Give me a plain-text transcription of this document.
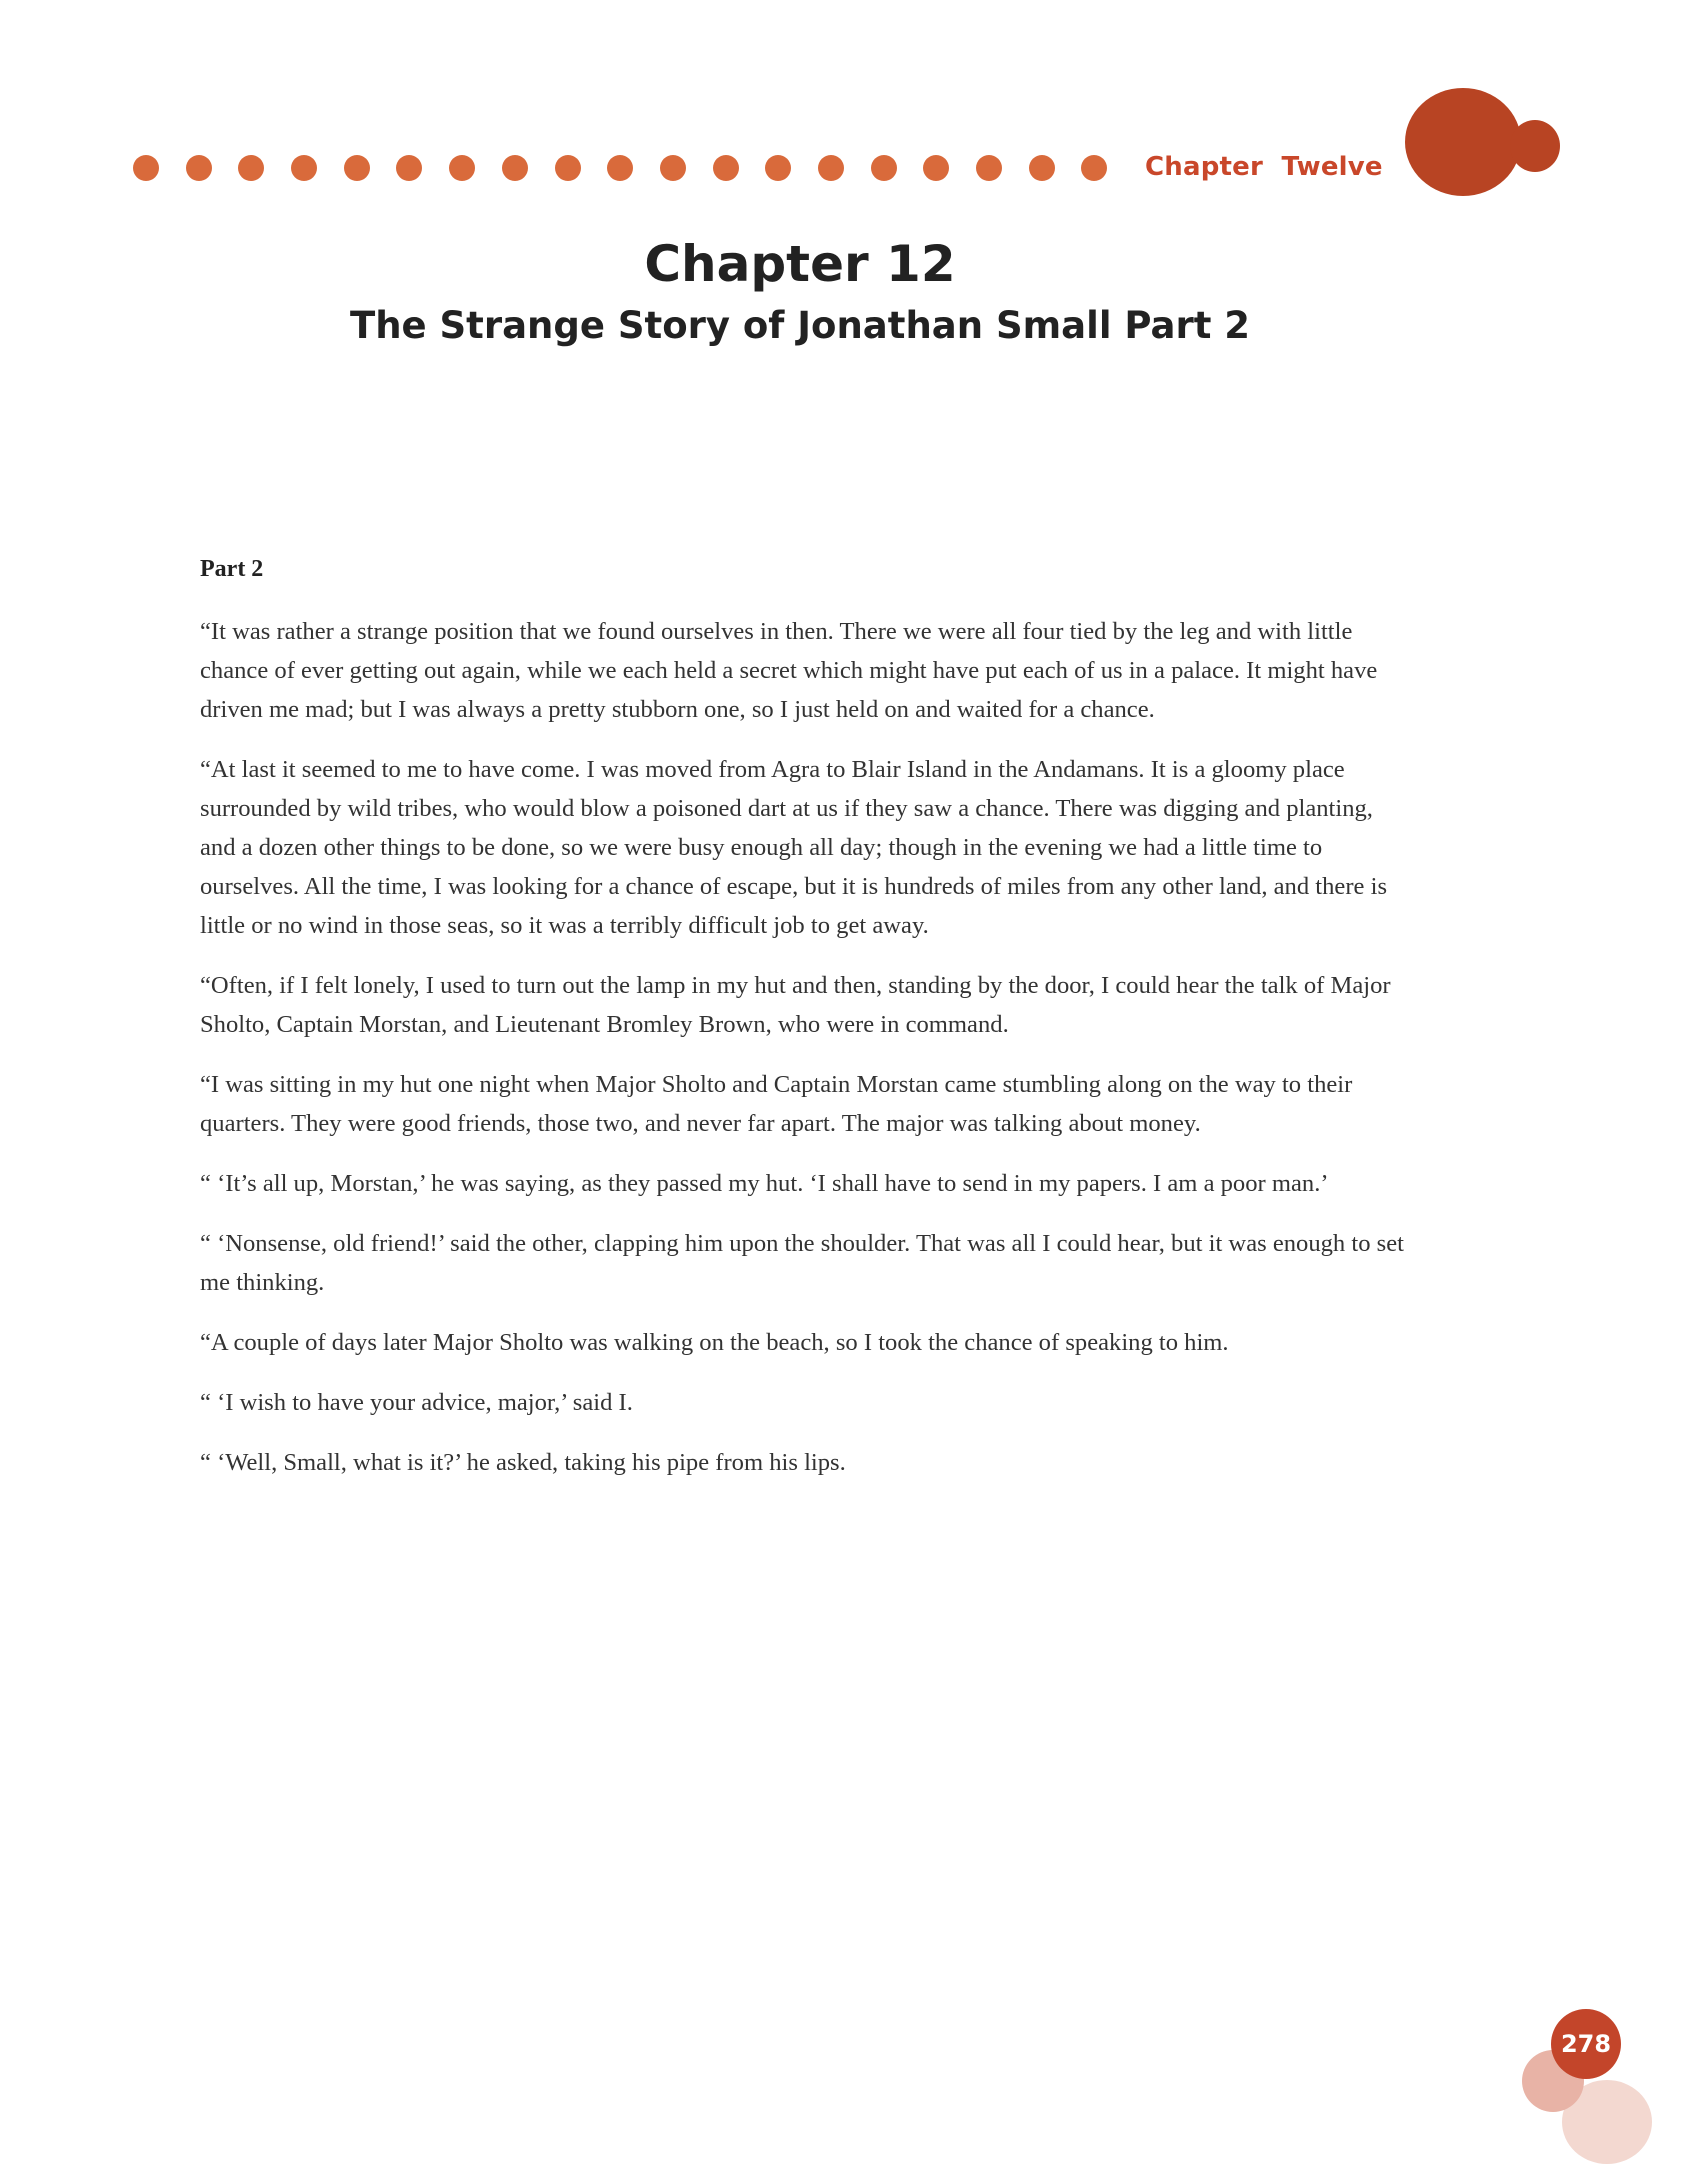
Chapter  Twelve
Chapter 12
The Strange Story of Jonathan Small Part 2
Part 2

“It was rather a strange position that we found ourselves in then. There we were all four tied by the leg and with little chance of ever getting out again, while we each held a secret which might have put each of us in a palace. It might have driven me mad; but I was always a pretty stubborn one, so I just held on and waited for a chance.

“At last it seemed to me to have come. I was moved from Agra to Blair Island in the Andamans. It is a gloomy place surrounded by wild tribes, who would blow a poisoned dart at us if they saw a chance. There was digging and planting, and a dozen other things to be done, so we were busy enough all day; though in the evening we had a little time to ourselves. All the time, I was looking for a chance of escape, but it is hundreds of miles from any other land, and there is little or no wind in those seas, so it was a terribly difficult job to get away.

“Often, if I felt lonely, I used to turn out the lamp in my hut and then, standing by the door, I could hear the talk of Major Sholto, Captain Morstan, and Lieutenant Bromley Brown, who were in command.

“I was sitting in my hut one night when Major Sholto and Captain Morstan came stumbling along on the way to their quarters. They were good friends, those two, and never far apart. The major was talking about money.

“ ‘It’s all up, Morstan,’ he was saying, as they passed my hut. ‘I shall have to send in my papers. I am a poor man.’

“ ‘Nonsense, old friend!’ said the other, clapping him upon the shoulder. That was all I could hear, but it was enough to set me thinking.

“A couple of days later Major Sholto was walking on the beach, so I took the chance of speaking to him.

“ ‘I wish to have your advice, major,’ said I.

“ ‘Well, Small, what is it?’ he asked, taking his pipe from his lips.

278
